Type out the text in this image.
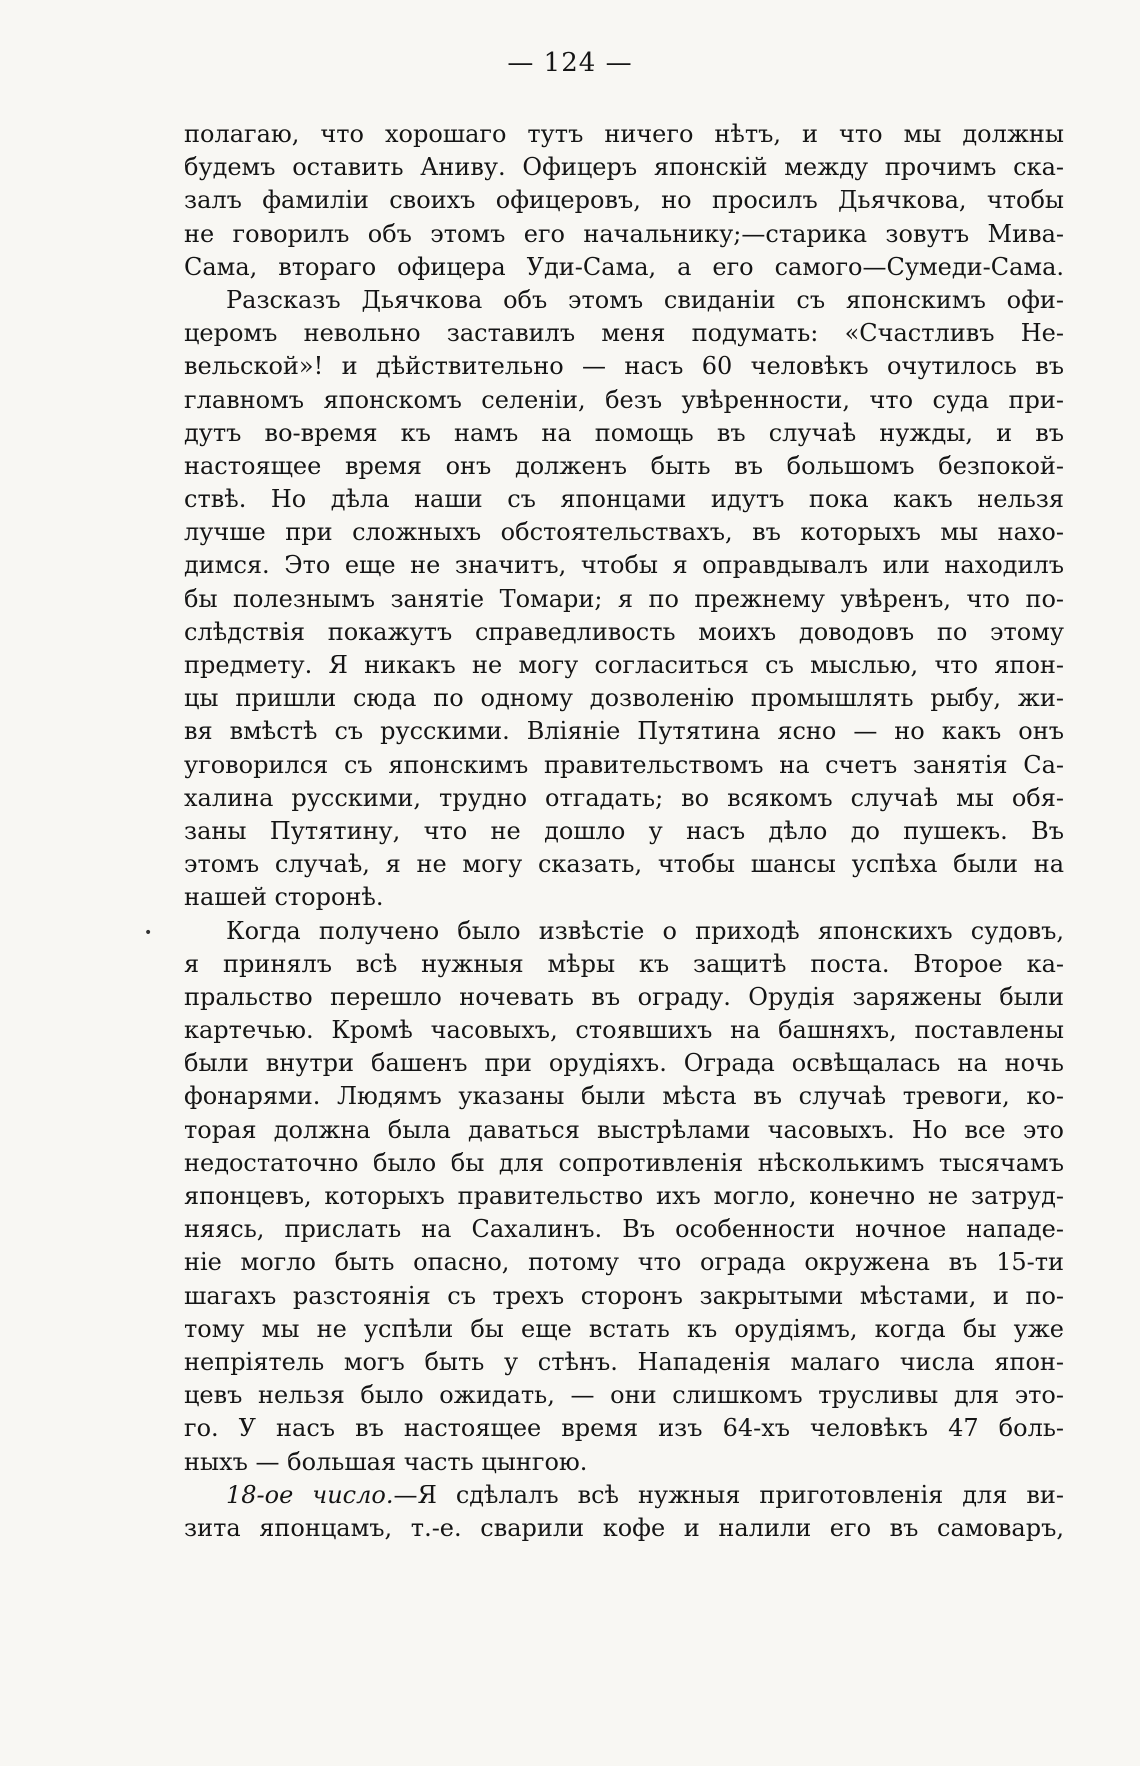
— 124 —
•
полагаю, что хорошаго тутъ ничего нѣтъ, и что мы должны
будемъ оставить Аниву. Офицеръ японскій между прочимъ ска-
залъ фамиліи своихъ офицеровъ, но просилъ Дьячкова, чтобы
не говорилъ объ этомъ его начальнику;—старика зовутъ Мива-
Сама, втораго офицера Уди-Сама, а его самого—Сумеди-Сама.
Разсказъ Дьячкова объ этомъ свиданіи съ японскимъ офи-
церомъ невольно заставилъ меня подумать: «Счастливъ Не-
вельской»! и дѣйствительно — насъ 60 человѣкъ очутилось въ
главномъ японскомъ селеніи, безъ увѣренности, что суда при-
дутъ во-время къ намъ на помощь въ случаѣ нужды, и въ
настоящее время онъ долженъ быть въ большомъ безпокой-
ствѣ. Но дѣла наши съ японцами идутъ пока какъ нельзя
лучше при сложныхъ обстоятельствахъ, въ которыхъ мы нахо-
димся. Это еще не значитъ, чтобы я оправдывалъ или находилъ
бы полезнымъ занятіе Томари; я по прежнему увѣренъ, что по-
слѣдствія покажутъ справедливость моихъ доводовъ по этому
предмету. Я никакъ не могу согласиться съ мыслью, что япон-
цы пришли сюда по одному дозволенію промышлять рыбу, жи-
вя вмѣстѣ съ русскими. Вліяніе Путятина ясно — но какъ онъ
уговорился съ японскимъ правительствомъ на счетъ занятія Са-
халина русскими, трудно отгадать; во всякомъ случаѣ мы обя-
заны Путятину, что не дошло у насъ дѣло до пушекъ. Въ
этомъ случаѣ, я не могу сказать, чтобы шансы успѣха были на
нашей сторонѣ.
Когда получено было извѣстіе о приходѣ японскихъ судовъ,
я принялъ всѣ нужныя мѣры къ защитѣ поста. Второе ка-
пральство перешло ночевать въ ограду. Орудія заряжены были
картечью. Кромѣ часовыхъ, стоявшихъ на башняхъ, поставлены
были внутри башенъ при орудіяхъ. Ограда освѣщалась на ночь
фонарями. Людямъ указаны были мѣста въ случаѣ тревоги, ко-
торая должна была даваться выстрѣлами часовыхъ. Но все это
недостаточно было бы для сопротивленія нѣсколькимъ тысячамъ
японцевъ, которыхъ правительство ихъ могло, конечно не затруд-
няясь, прислать на Сахалинъ. Въ особенности ночное нападе-
ніе могло быть опасно, потому что ограда окружена въ 15-ти
шагахъ разстоянія съ трехъ сторонъ закрытыми мѣстами, и по-
тому мы не успѣли бы еще встать къ орудіямъ, когда бы уже
непріятель могъ быть у стѣнъ. Нападенія малаго числа япон-
цевъ нельзя было ожидать, — они слишкомъ трусливы для это-
го. У насъ въ настоящее время изъ 64-хъ человѣкъ 47 боль-
ныхъ — большая часть цынгою.
18-ое число.—Я сдѣлалъ всѣ нужныя приготовленія для ви-
зита японцамъ, т.-е. сварили кофе и налили его въ самоваръ,
